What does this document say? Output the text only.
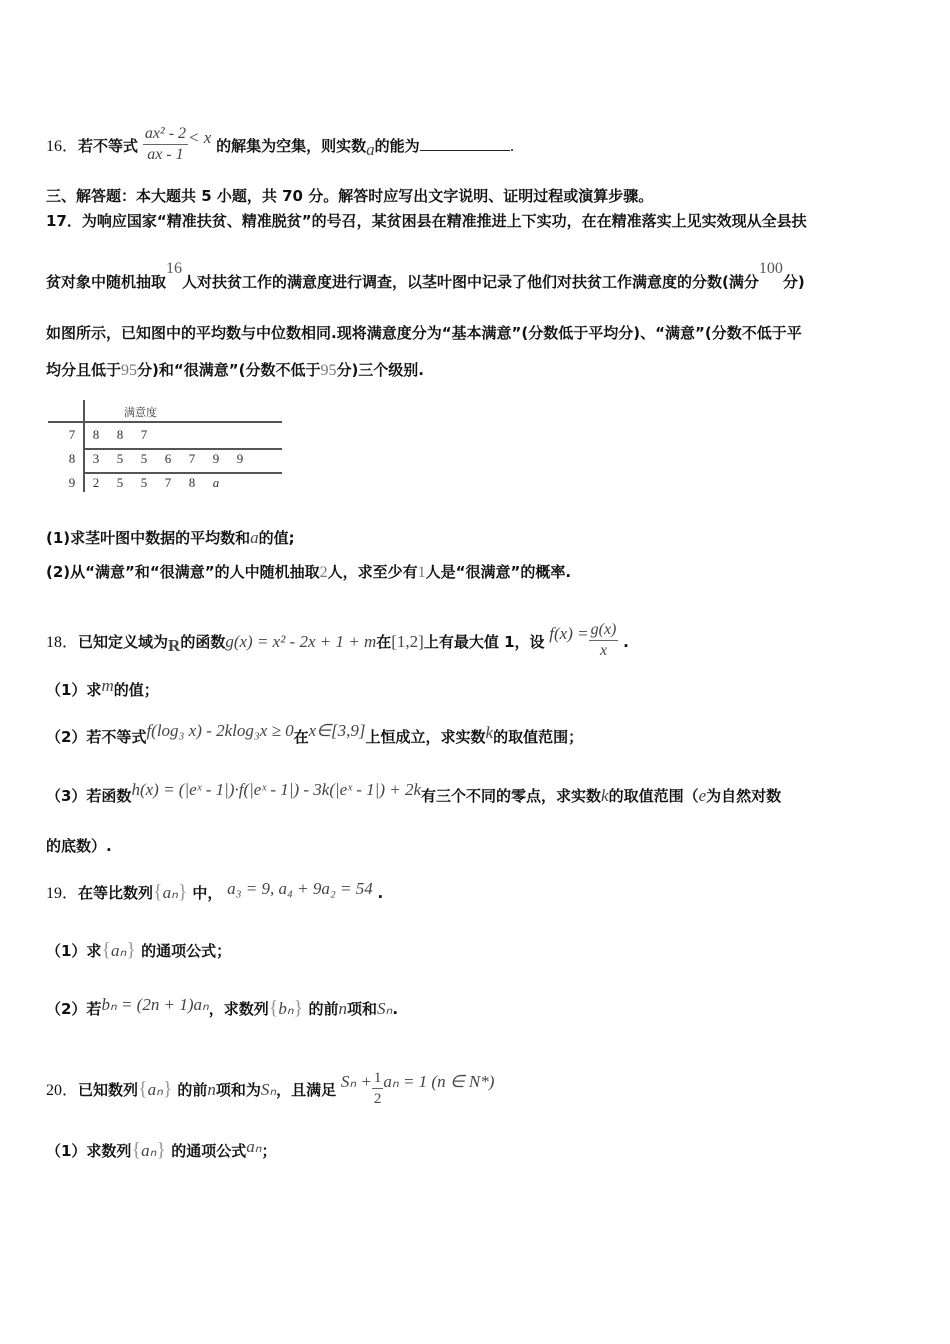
16．若不等式 $\frac{\text{ax² - 2}}{ax - 1} < x$ 的解集为空集，则实数a的能为	.
三、解答题：本大题共 5 小题，共 70 分。解答时应写出文字说明、证明过程或演算步骤。
17．为响应国家“精准扶贫、精准脱贫”的号召，某贫困县在精准推进上下实功，在在精准落实上见实效现从全县扶
贫对象中随机抽取16人对扶贫工作的满意度进行调查，以茎叶图中记录了他们对扶贫工作满意度的分数(满分100分)
如图所示，已知图中的平均数与中位数相同.现将满意度分为“基本满意”(分数低于平均分)、“满意”(分数不低于平
均分且低于95分)和“很满意”(分数不低于95分)三个级别.
满意度
7 8 8 7
8 3 5 5 6 7 9 9
9 2 5 5 7 8 a
(1)求茎叶图中数据的平均数和a的值;
(2)从“满意”和“很满意”的人中随机抽取2人，求至少有1人是“很满意”的概率.
18．已知定义域为R的函数g(x) = x² - 2x + 1 + m在[1,2]上有最大值 1，设 $f(x) = \frac{g(x)}{x}$ .
（1）求m的值；
（2）若不等式f(log₃ x) - 2klog₃x ≥ 0在x∈[3,9]上恒成立，求实数k的取值范围；
（3）若函数h(x) = (|eˣ - 1|)·f(|eˣ - 1|) - 3k(|eˣ - 1|) + 2k有三个不同的零点，求实数k的取值范围（e为自然对数
的底数）.
19．在等比数列{aₙ} 中， a₃ = 9, a₄ + 9a₂ = 54 .
（1）求{aₙ} 的通项公式；
（2）若bₙ = (2n + 1)aₙ，求数列{bₙ} 的前n项和Sₙ.
20．已知数列{aₙ} 的前n项和为Sₙ，且满足 $S_n + \frac{1}{2}$ aₙ = 1 (n ∈ N*)
（1）求数列{aₙ} 的通项公式aₙ；
